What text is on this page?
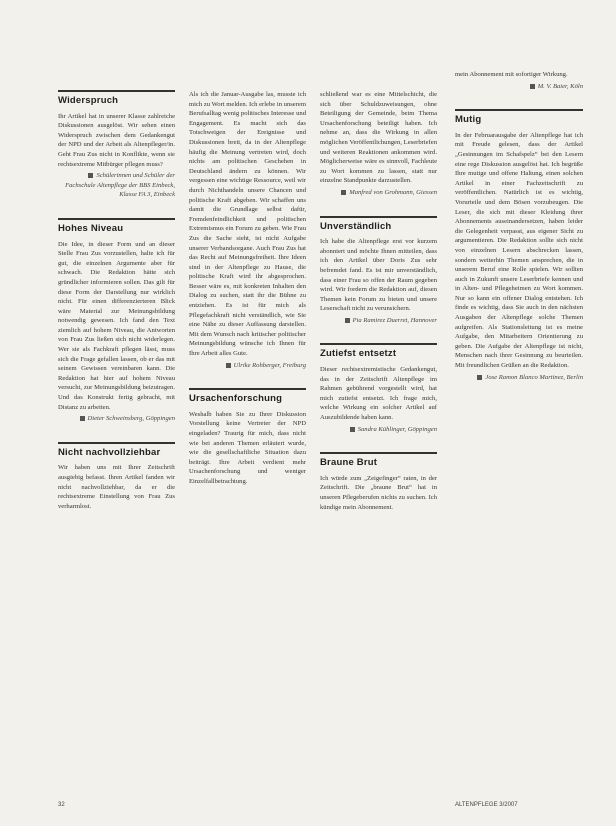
Widerspruch

Ihr Artikel hat in unserer Klasse zahlreiche Diskussionen ausgelöst. Wir sehen einen Widerspruch zwischen dem Gedankengut der NPD und der Arbeit als Altenpfleger/in. Geht Frau Zus nicht in Konflikte, wenn sie rechtsextreme Mitbürger pflegen muss?

Schülerinnen und Schüler der Fachschule Altenpflege der BBS Einbeck, Klasse FA 3, Einbeck
Hohes Niveau

Die Idee, in dieser Form und an dieser Stelle Frau Zus vorzustellen, halte ich für gut, die einzelnen Argumente aber für schwach. Die Redaktion hätte sich gründlicher informieren sollen. Das gilt für diese Form der Darstellung nur wirklich nicht. Für einen differenzierteren Blick wäre Material zur Meinungsbildung notwendig gewesen. Ich fand den Text ziemlich auf hohem Niveau, die Antworten von Frau Zus ließen sich nicht widerlegen. Wer sie als Fachkraft pflegen lässt, muss sich die Frage gefallen lassen, ob er das mit seinem Gewissen vereinbaren kann. Die Redaktion hat hier auf hohem Niveau versucht, zur Meinungsbildung beizutragen. Und das Konstrukt fertig gebracht, mit Distanz zu arbeiten.

Dieter Schweinsberg, Göppingen
Nicht nachvollziehbar

Wir haben uns mit Ihrer Zeitschrift ausgiebig befasst. Ihren Artikel fanden wir nicht nachvollziehbar, da er die rechtsextreme Einstellung von Frau Zus verharmlost.

Als ich die Januar-Ausgabe las, musste ich mich zu Wort melden. Ich erlebe in unserem Berufsalltag wenig politisches Interesse und Engagement. Es macht sich das Totschweigen der Ereignisse und Diskussionen breit, da in der Altenpflege häufig die Meinung vertreten wird, doch nichts am politischen Geschehen in Deutschland ändern zu können. Wir vergessen eine wichtige Ressource, weil wir durch Nichthandeln unsere Chancen und politische Kraft abgeben. Wir schaffen uns damit die Grundlage selbst dafür, Fremdenfeindlichkeit und politischen Extremismus ein Forum zu geben. Wie Frau Zus die Sache sieht, ist nicht Aufgabe unserer Verbandsorgane. Auch Frau Zus hat das Recht auf Meinungsfreiheit. Ihre Ideen sind in der Altenpflege zu Hause, die politische Kraft wird ihr abgesprochen. Besser wäre es, mit konkreten Inhalten den Dialog zu suchen, statt ihr die Bühne zu entziehen. Es ist für mich als Pflegefachkraft nicht verständlich, wie Sie eine Nähe zu dieser Auffassung darstellen. Mit dem Wunsch nach kritischer politischer Meinungsbildung wünsche ich Ihnen für Ihre Arbeit alles Gute.

Ulrike Rohberger, Freiburg
Ursachenforschung

Weshalb haben Sie zu Ihrer Diskussion Vorstellung keine Vertreter der NPD eingeladen? Traurig für mich, dass nicht wie bei anderen Themen erläutert wurde, wie die gesellschaftliche Situation dazu beiträgt. Ihre Arbeit verdient mehr Ursachenforschung und weniger Einzelfallbetrachtung.

schließend war es eine Mittelschicht, die sich über Schuldzuweisungen, ohne Beteiligung der Gemeinde, beim Thema Ursachenforschung beteiligt haben. Ich nehme an, dass die Wirkung in allen möglichen Veröffentlichungen, Leserbriefen und weiteren Reaktionen ankommen wird. Möglicherweise wäre es sinnvoll, Fachleute zu Wort kommen zu lassen, statt nur einzelne Standpunkte darzustellen.

Manfred von Grohmann, Giessen
Unverständlich

Ich habe die Altenpflege erst vor kurzem abonniert und möchte Ihnen mitteilen, dass ich den Artikel über Doris Zus sehr befremdet fand. Es ist mir unverständlich, dass einer Frau so offen der Raum gegeben wird. Wir fordern die Redaktion auf, diesen Themen kein Forum zu bieten und unsere Leserschaft nicht zu verunsichern.

Pia Ramirez Duerret, Hannover
Zutiefst entsetzt

Dieser rechtsextremistische Gedankengut, das in der Zeitschrift Altenpflege im Rahmen gebührend vorgestellt wird, hat mich zutiefst entsetzt. Ich frage mich, welche Wirkung ein solcher Artikel auf Auszubildende haben kann.

Sandra Kühlinger, Göppingen
Braune Brut

Ich würde zum „Zeigefinger“ raten, in der Zeitschrift. Die „braune Brut“ hat in unseren Pflegeberufen nichts zu suchen. Ich kündige mein Abonnement.

mein Abonnement mit sofortiger Wirkung.

M. V. Baier, Köln
Mutig

In der Februarausgabe der Altenpflege hat ich mit Freude gelesen, dass der Artikel „Gesinnungen im Schafspelz“ bei den Lesern eine rege Diskussion ausgelöst hat. Ich begrüße Ihre mutige und offene Haltung, einen solchen Artikel in einer Fachzeitschrift zu veröffentlichen. Natürlich ist es wichtig, Vorurteile und dem Bösen vorzubeugen. Die Leser, die sich mit dieser Kleidung ihrer Abonnements auseinandersetzen, haben leider die Gelegenheit verpasst, aus eigener Sicht zu argumentieren. Die Redaktion sollte sich nicht von einzelnen Lesern abschrecken lassen, sondern weiterhin Themen ansprechen, die in unserem Beruf eine Rolle spielen. Wir sollten auch in Zukunft unsere Leserbriefe kennen und in Alten- und Pflegeheimen zu Wort kommen. Nur so kann ein offener Dialog entstehen. Ich finde es wichtig, dass Sie auch in den nächsten Ausgaben der Altenpflege solche Themen aufgreifen. Als Stationsleitung ist es meine Aufgabe, den Mitarbeitern Orientierung zu geben. Die Aufgabe der Altenpflege ist nicht, Menschen nach ihrer Gesinnung zu beurteilen. Mit freundlichen Grüßen an die Redaktion.

Jose Ramon Blanco Martinez, Berlin
32	ALTENPFLEGE 3/2007
